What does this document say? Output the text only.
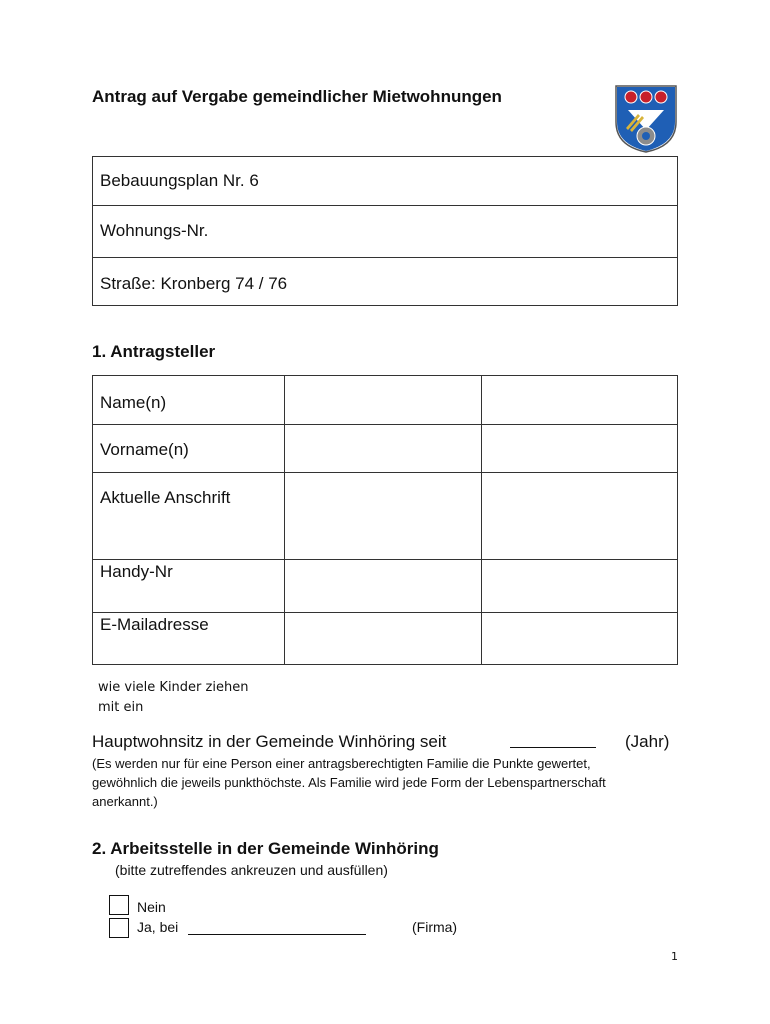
Antrag auf Vergabe gemeindlicher Mietwohnungen
Bebauungsplan Nr. 6
Wohnungs-Nr.
Straße: Kronberg 74 / 76
1. Antragsteller
Name(n)
Vorname(n)
Aktuelle Anschrift
Handy-Nr
E-Mailadresse
wie viele Kinder ziehen
mit ein
Hauptwohnsitz in der Gemeinde Winhöring seit	(Jahr)
(Es werden nur für eine Person einer antragsberechtigten Familie die Punkte gewertet,
gewöhnlich die jeweils punkthöchste. Als Familie wird jede Form der Lebenspartnerschaft
anerkannt.)
2. Arbeitsstelle in der Gemeinde Winhöring
(bitte zutreffendes ankreuzen und ausfüllen)
Nein
Ja, bei	(Firma)
1
